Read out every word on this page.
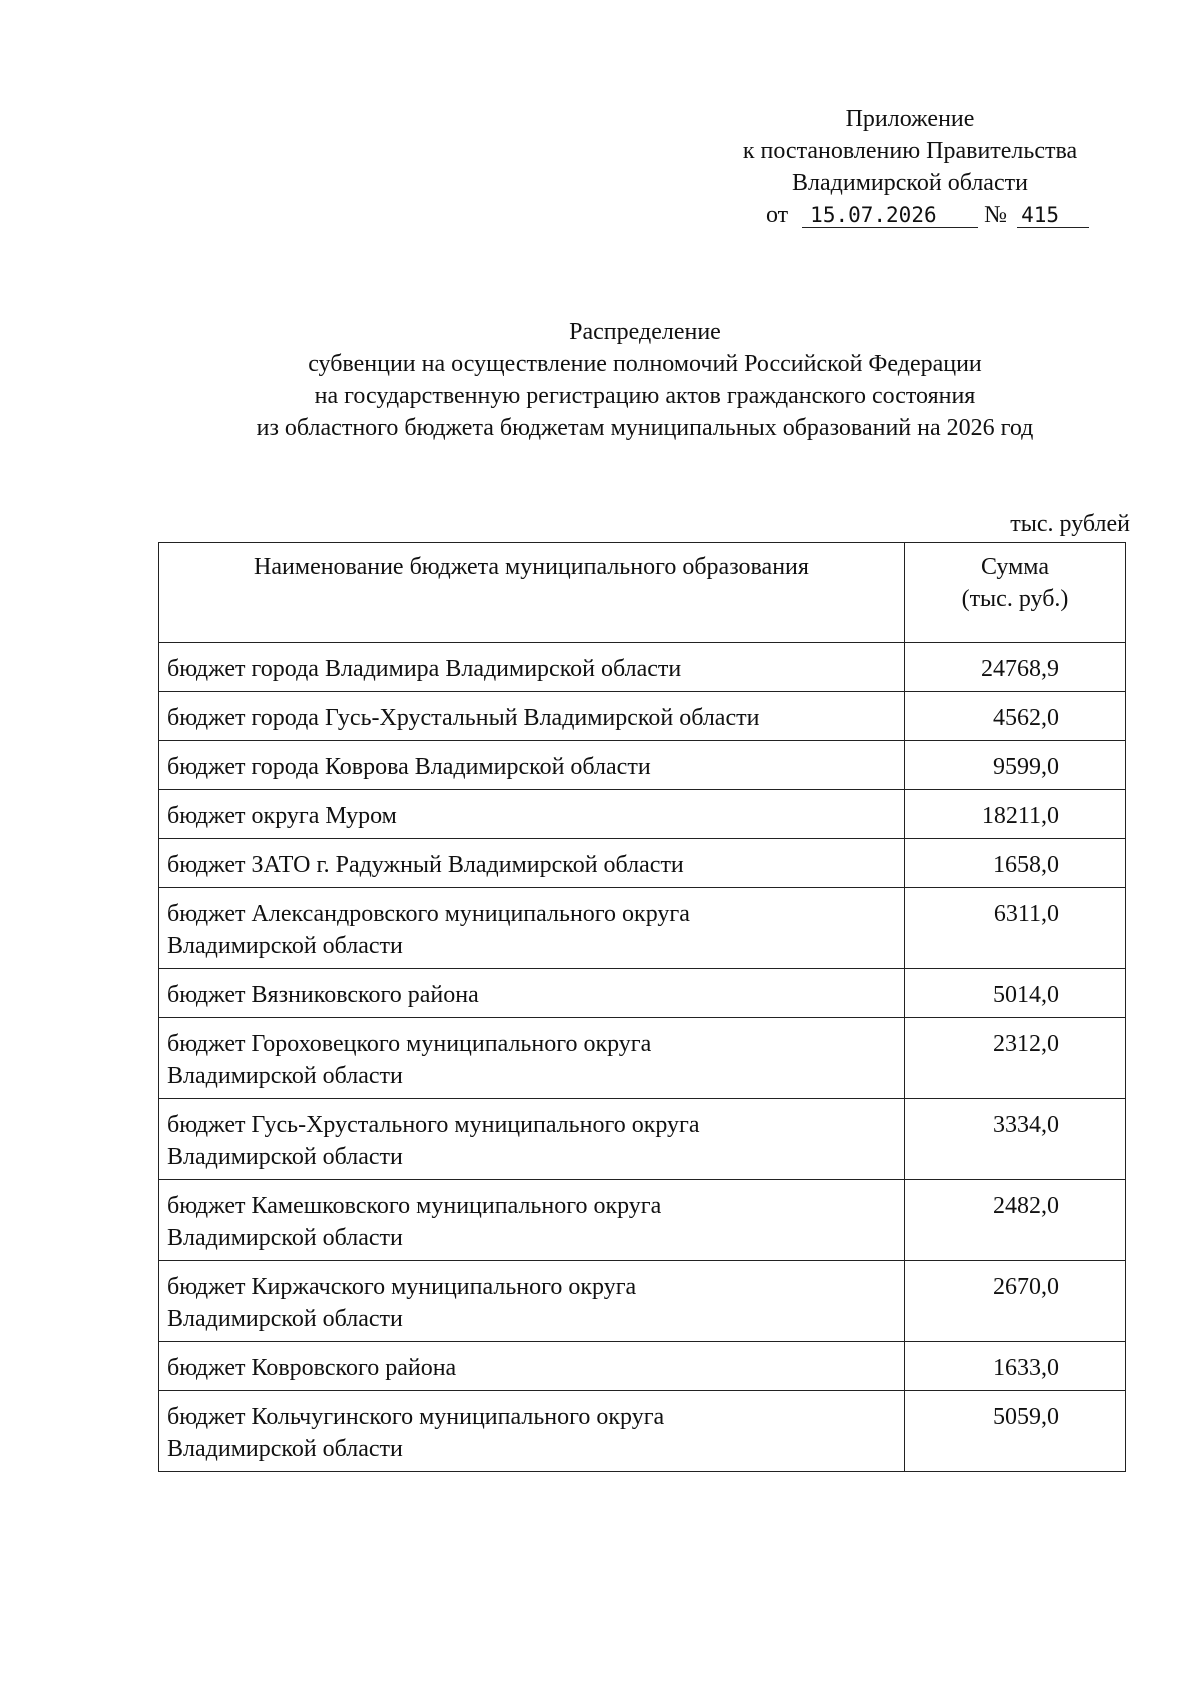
Приложение
к постановлению Правительства
Владимирской области
от 15.07.2026 № 415
Распределение
субвенции на осуществление полномочий Российской Федерации
на государственную регистрацию актов гражданского состояния
из областного бюджета бюджетам муниципальных образований на 2026 год
тыс. рублей
Наименование бюджета муниципального образования	Сумма
(тыс. руб.)

бюджет города Владимира Владимирской области	24768,9

бюджет города Гусь-Хрустальный Владимирской области	4562,0

бюджет города Коврова Владимирской области	9599,0

бюджет округа Муром	18211,0

бюджет ЗАТО г. Радужный Владимирской области	1658,0

бюджет Александровского муниципального округа
Владимирской области	6311,0

бюджет Вязниковского района	5014,0

бюджет Гороховецкого муниципального округа
Владимирской области	2312,0

бюджет Гусь-Хрустального муниципального округа
Владимирской области	3334,0

бюджет Камешковского муниципального округа
Владимирской области	2482,0

бюджет Киржачского муниципального округа
Владимирской области	2670,0

бюджет Ковровского района	1633,0

бюджет Кольчугинского муниципального округа
Владимирской области	5059,0
